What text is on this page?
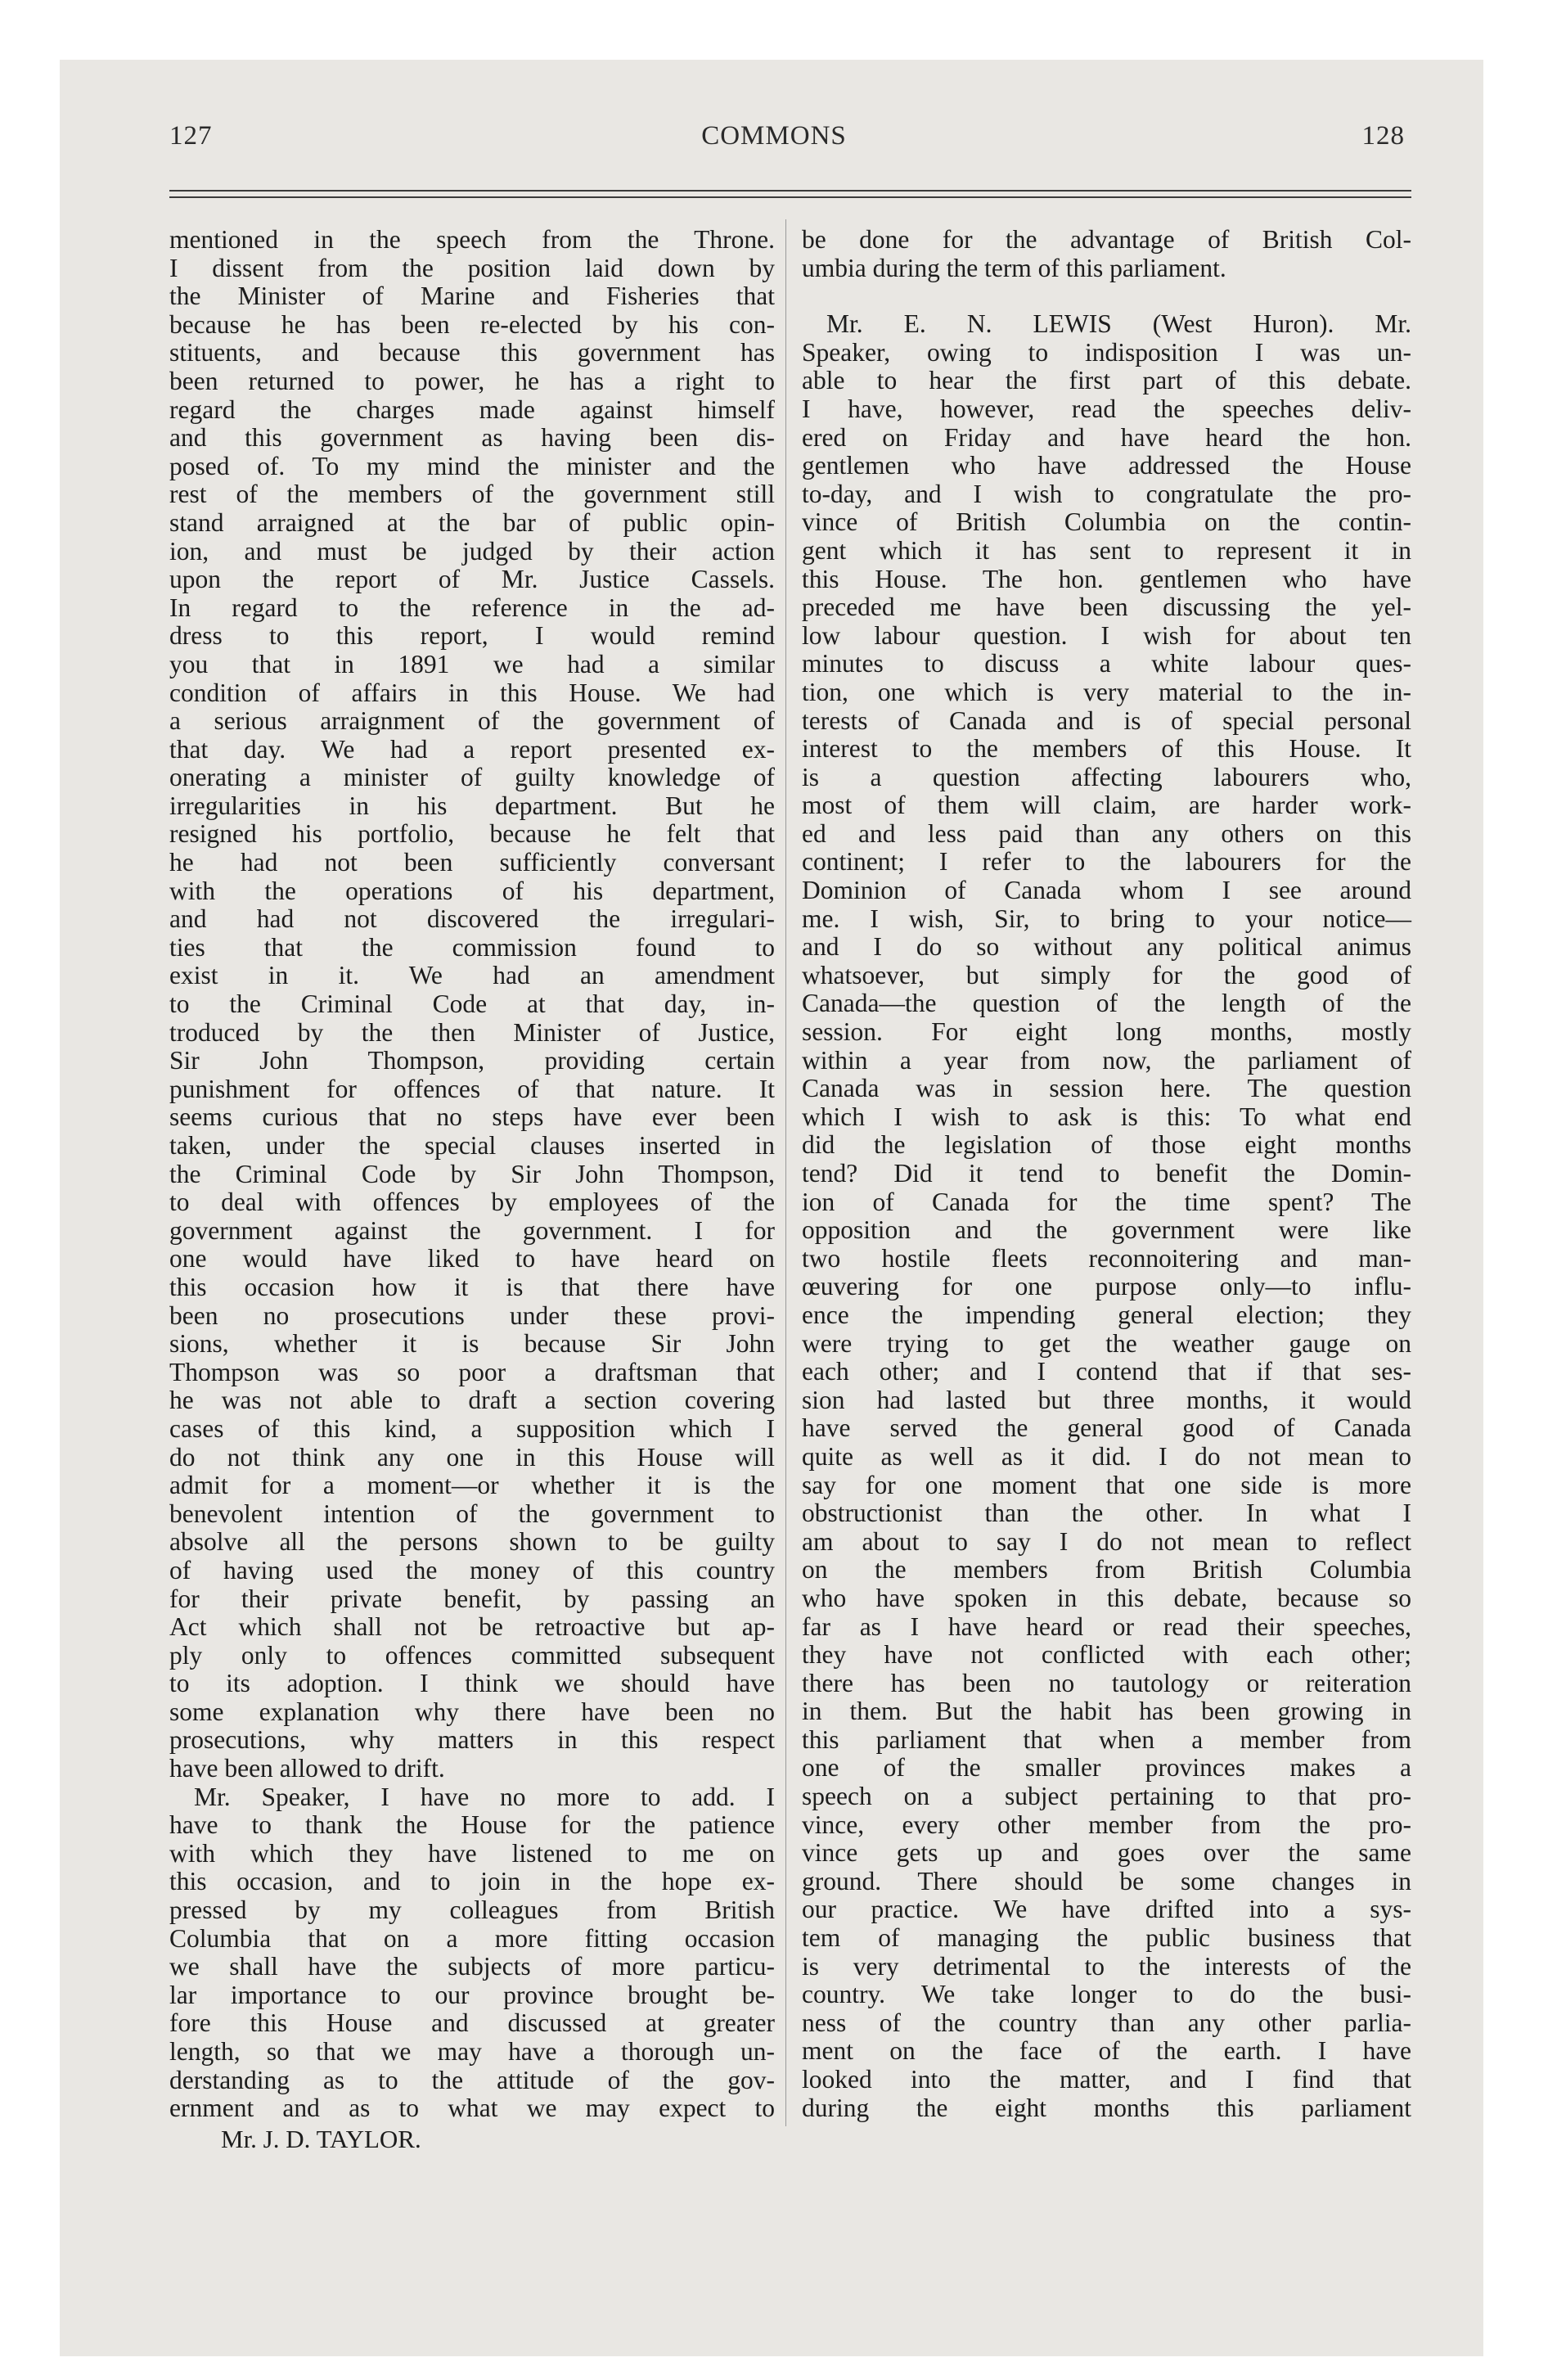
127	COMMONS	128
mentioned in the speech from the Throne.
I dissent from the position laid down by
the Minister of Marine and Fisheries that
because he has been re-elected by his con-
stituents, and because this government has
been returned to power, he has a right to
regard the charges made against himself
and this government as having been dis-
posed of. To my mind the minister and the
rest of the members of the government still
stand arraigned at the bar of public opin-
ion, and must be judged by their action
upon the report of Mr. Justice Cassels.
In regard to the reference in the ad-
dress to this report, I would remind
you that in 1891 we had a similar
condition of affairs in this House. We had
a serious arraignment of the government of
that day. We had a report presented ex-
onerating a minister of guilty knowledge of
irregularities in his department. But he
resigned his portfolio, because he felt that
he had not been sufficiently conversant
with the operations of his department,
and had not discovered the irregulari-
ties that the commission found to
exist in it. We had an amendment
to the Criminal Code at that day, in-
troduced by the then Minister of Justice,
Sir John Thompson, providing certain
punishment for offences of that nature. It
seems curious that no steps have ever been
taken, under the special clauses inserted in
the Criminal Code by Sir John Thompson,
to deal with offences by employees of the
government against the government. I for
one would have liked to have heard on
this occasion how it is that there have
been no prosecutions under these provi-
sions, whether it is because Sir John
Thompson was so poor a draftsman that
he was not able to draft a section covering
cases of this kind, a supposition which I
do not think any one in this House will
admit for a moment—or whether it is the
benevolent intention of the government to
absolve all the persons shown to be guilty
of having used the money of this country
for their private benefit, by passing an
Act which shall not be retroactive but ap-
ply only to offences committed subsequent
to its adoption. I think we should have
some explanation why there have been no
prosecutions, why matters in this respect
have been allowed to drift.
Mr. Speaker, I have no more to add. I
have to thank the House for the patience
with which they have listened to me on
this occasion, and to join in the hope ex-
pressed by my colleagues from British
Columbia that on a more fitting occasion
we shall have the subjects of more particu-
lar importance to our province brought be-
fore this House and discussed at greater
length, so that we may have a thorough un-
derstanding as to the attitude of the gov-
ernment and as to what we may expect to
be done for the advantage of British Col-
umbia during the term of this parliament.
Mr. E. N. LEWIS (West Huron). Mr.
Speaker, owing to indisposition I was un-
able to hear the first part of this debate.
I have, however, read the speeches deliv-
ered on Friday and have heard the hon.
gentlemen who have addressed the House
to-day, and I wish to congratulate the pro-
vince of British Columbia on the contin-
gent which it has sent to represent it in
this House. The hon. gentlemen who have
preceded me have been discussing the yel-
low labour question. I wish for about ten
minutes to discuss a white labour ques-
tion, one which is very material to the in-
terests of Canada and is of special personal
interest to the members of this House. It
is a question affecting labourers who,
most of them will claim, are harder work-
ed and less paid than any others on this
continent; I refer to the labourers for the
Dominion of Canada whom I see around
me. I wish, Sir, to bring to your notice—
and I do so without any political animus
whatsoever, but simply for the good of
Canada—the question of the length of the
session. For eight long months, mostly
within a year from now, the parliament of
Canada was in session here. The question
which I wish to ask is this: To what end
did the legislation of those eight months
tend? Did it tend to benefit the Domin-
ion of Canada for the time spent? The
opposition and the government were like
two hostile fleets reconnoitering and man-
œuvering for one purpose only—to influ-
ence the impending general election; they
were trying to get the weather gauge on
each other; and I contend that if that ses-
sion had lasted but three months, it would
have served the general good of Canada
quite as well as it did. I do not mean to
say for one moment that one side is more
obstructionist than the other. In what I
am about to say I do not mean to reflect
on the members from British Columbia
who have spoken in this debate, because so
far as I have heard or read their speeches,
they have not conflicted with each other;
there has been no tautology or reiteration
in them. But the habit has been growing in
this parliament that when a member from
one of the smaller provinces makes a
speech on a subject pertaining to that pro-
vince, every other member from the pro-
vince gets up and goes over the same
ground. There should be some changes in
our practice. We have drifted into a sys-
tem of managing the public business that
is very detrimental to the interests of the
country. We take longer to do the busi-
ness of the country than any other parlia-
ment on the face of the earth. I have
looked into the matter, and I find that
during the eight months this parliament
Mr. J. D. TAYLOR.
